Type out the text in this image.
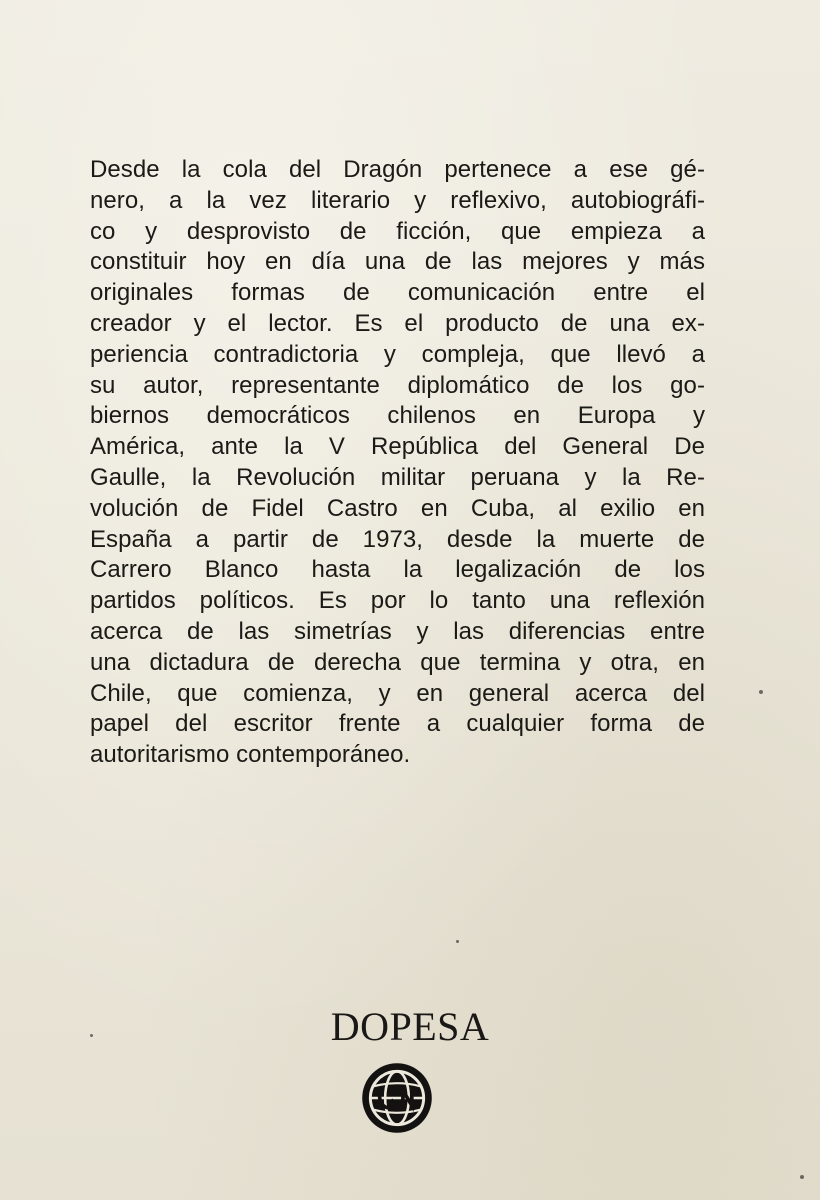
Desde la cola del Dragón pertenece a ese gé-
nero, a la vez literario y reflexivo, autobiográfi-
co y desprovisto de ficción, que empieza a
constituir hoy en día una de las mejores y más
originales formas de comunicación entre el
creador y el lector. Es el producto de una ex-
periencia contradictoria y compleja, que llevó a
su autor, representante diplomático de los go-
biernos democráticos chilenos en Europa y
América, ante la V República del General De
Gaulle, la Revolución militar peruana y la Re-
volución de Fidel Castro en Cuba, al exilio en
España a partir de 1973, desde la muerte de
Carrero Blanco hasta la legalización de los
partidos políticos. Es por lo tanto una reflexión
acerca de las simetrías y las diferencias entre
una dictadura de derecha que termina y otra, en
Chile, que comienza, y en general acerca del
papel del escritor frente a cualquier forma de
autoritarismo contemporáneo.
DOPESA
